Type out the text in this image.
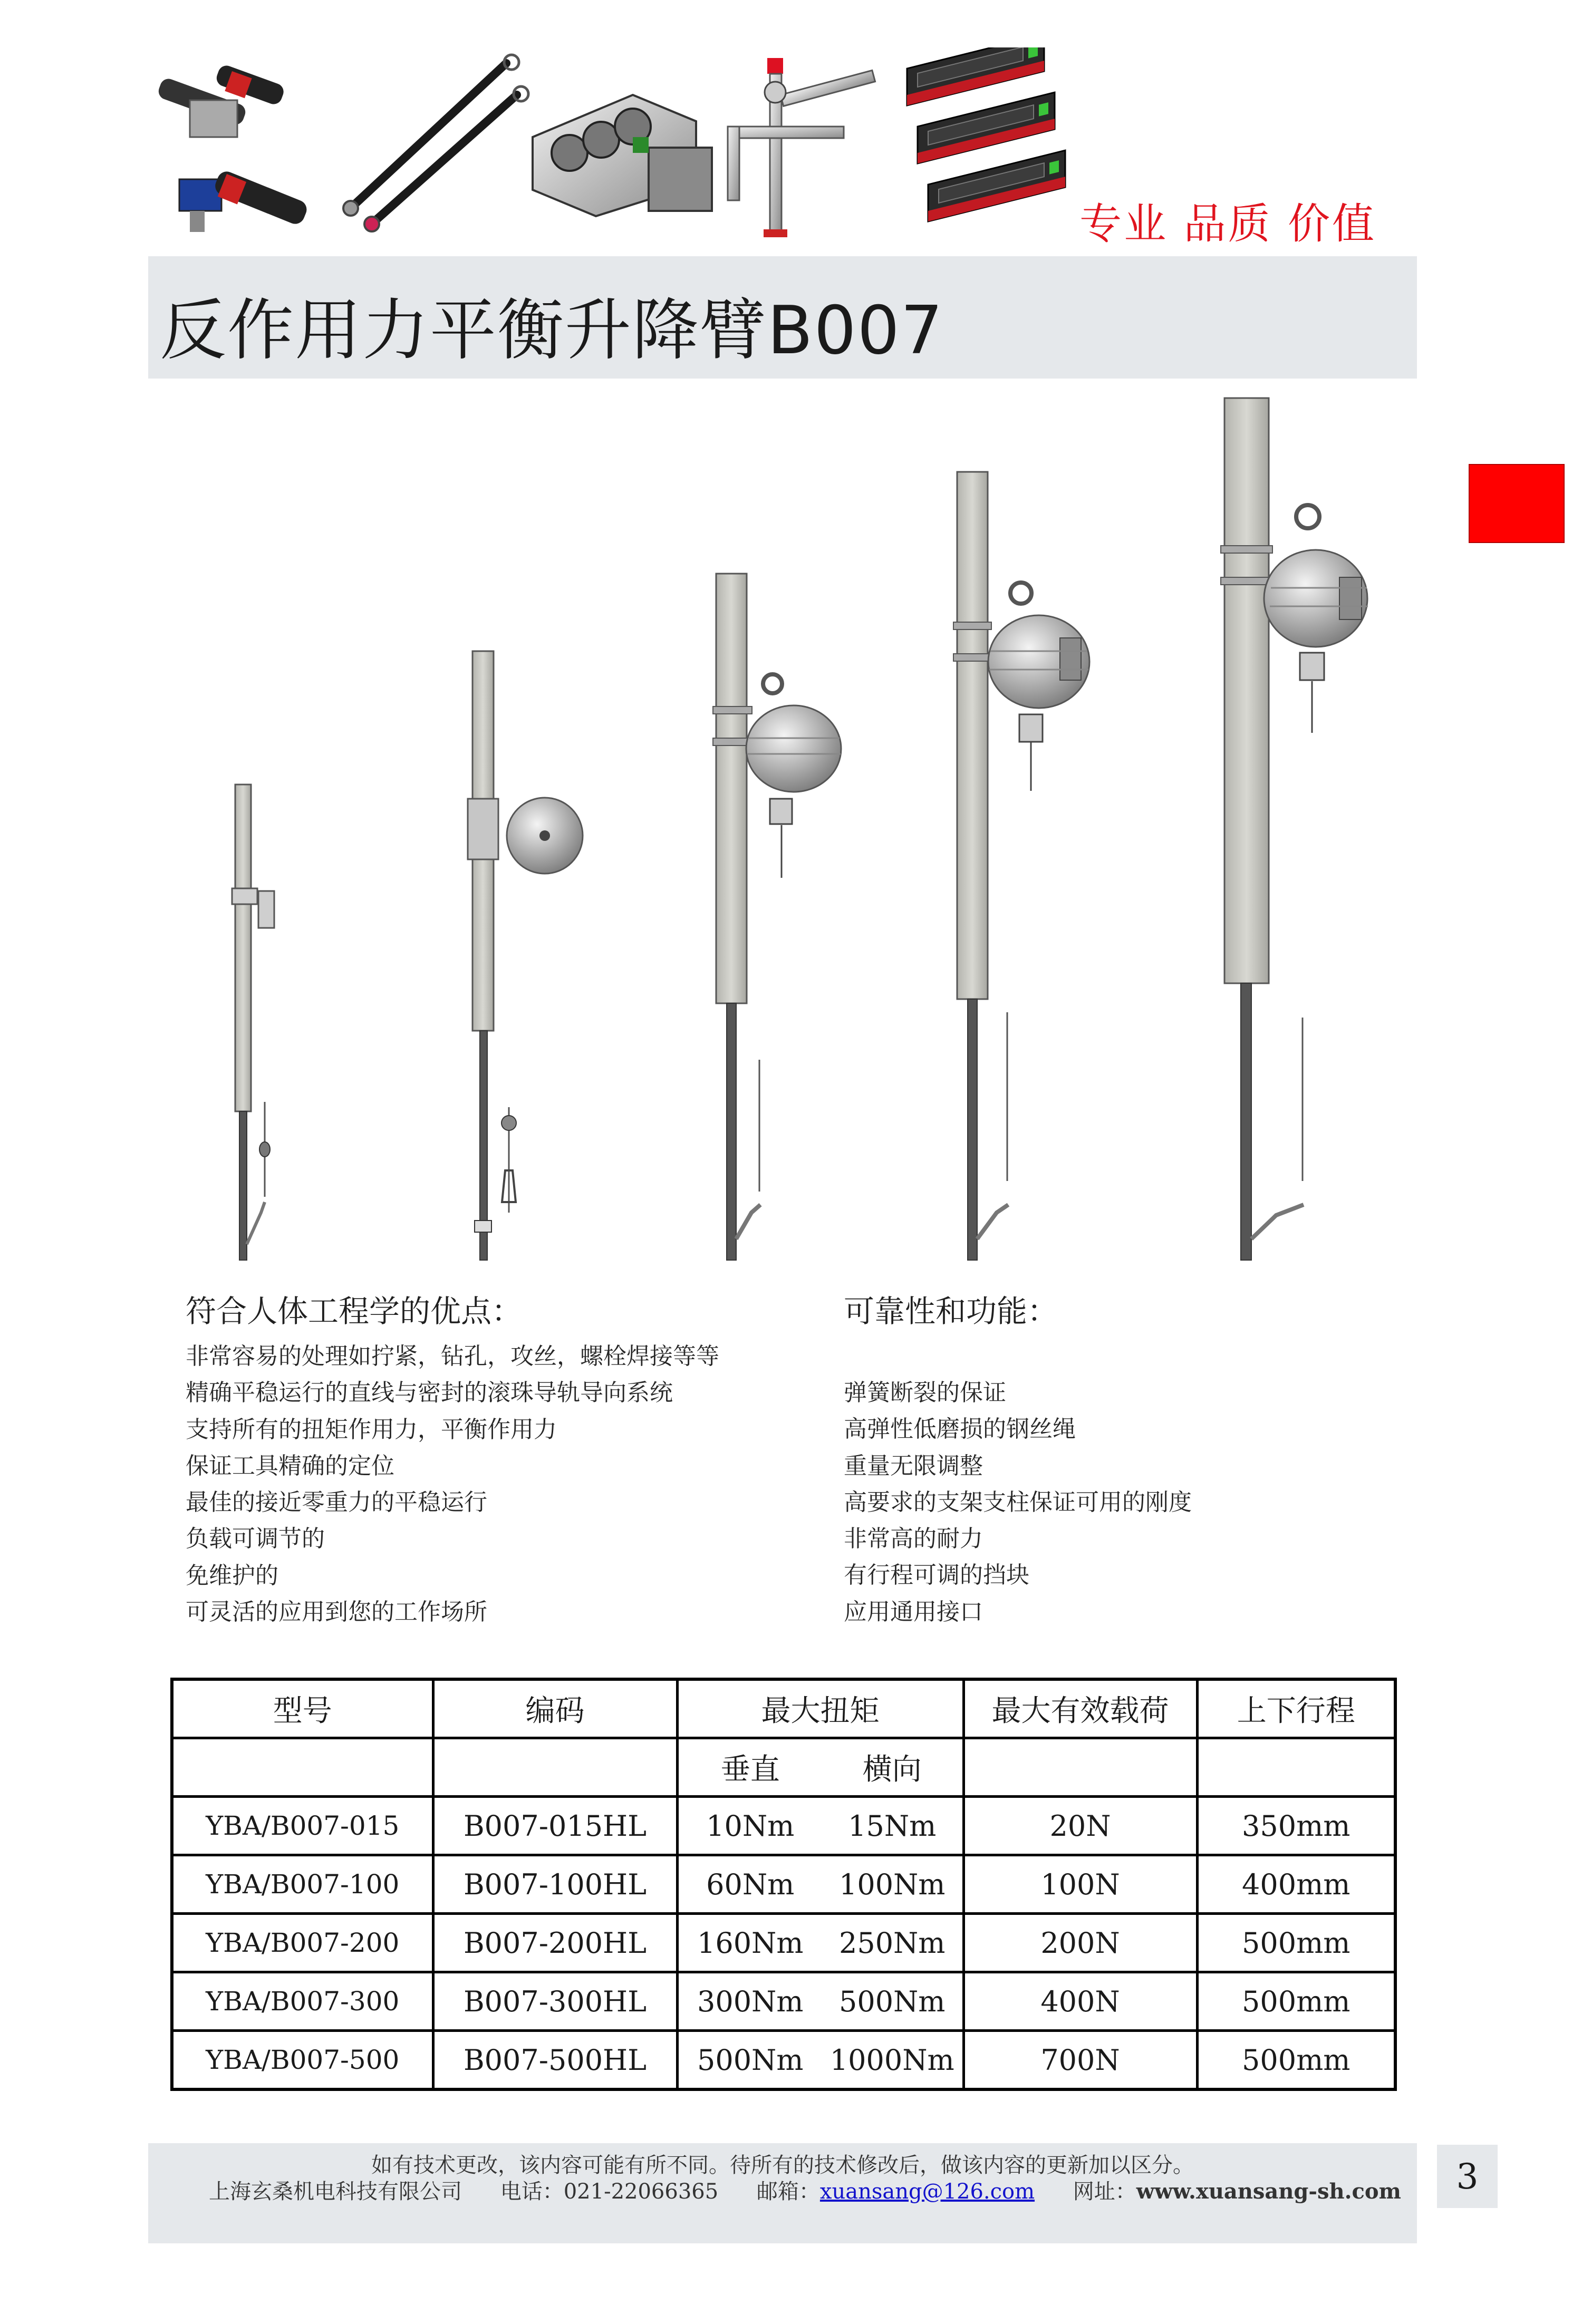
专业 品质 价值
反作用力平衡升降臂B007
符合人体工程学的优点：
非常容易的处理如拧紧，钻孔，攻丝，螺栓焊接等等
精确平稳运行的直线与密封的滚珠导轨导向系统
支持所有的扭矩作用力，平衡作用力
保证工具精确的定位
最佳的接近零重力的平稳运行
负载可调节的
免维护的
可灵活的应用到您的工作场所
可靠性和功能：
弹簧断裂的保证
高弹性低磨损的钢丝绳
重量无限调整
高要求的支架支柱保证可用的刚度
非常高的耐力
有行程可调的挡块
应用通用接口
型号	编码	最大扭矩		最大有效载荷	上下行程
		垂直	横向		
YBA/B007-015	B007-015HL	10Nm	15Nm	20N	350mm
YBA/B007-100	B007-100HL	60Nm	100Nm	100N	400mm
YBA/B007-200	B007-200HL	160Nm	250Nm	200N	500mm
YBA/B007-300	B007-300HL	300Nm	500Nm	400N	500mm
YBA/B007-500	B007-500HL	500Nm	1000Nm	700N	500mm
如有技术更改，该内容可能有所不同。待所有的技术修改后，做该内容的更新加以区分。
上海玄桑机电科技有限公司 电话：021-22066365 邮箱：xuansang@126.com 网址：www.xuansang-sh.com	3
